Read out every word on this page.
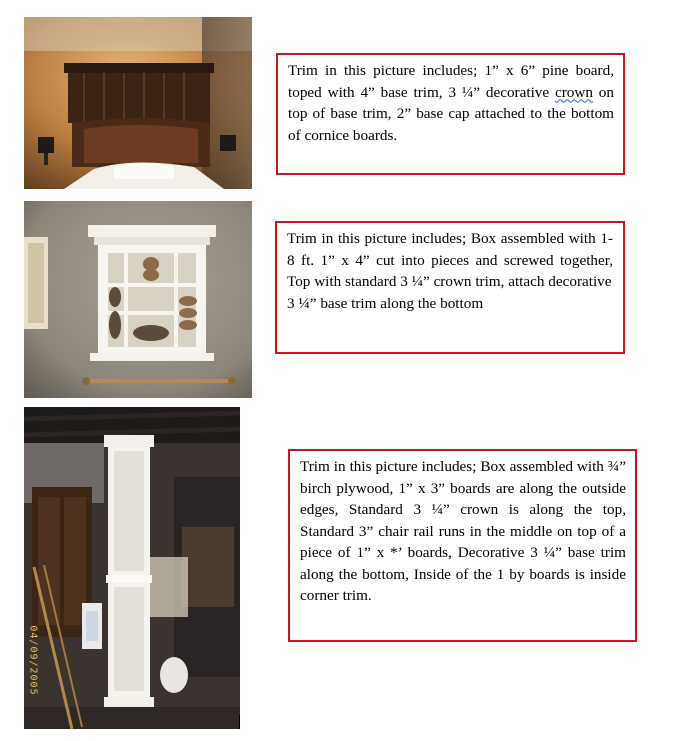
Trim in this picture includes; 1” x 6” pine board, toped with 4” base trim, 3 ¼” decorative crown on top of base trim, 2” base cap attached to the bottom of cornice boards.

Trim in this picture includes; Box assembled with 1-8 ft. 1” x 4” cut into pieces and screwed together, Top with standard 3 ¼” crown trim, attach decorative

3 ¼” base trim along the bottom

04/09/2005

Trim in this picture includes; Box assembled with ¾” birch plywood, 1” x 3” boards are along the outside edges, Standard 3 ¼” crown is along the top, Standard 3” chair rail runs in the middle on top of a piece of 1” x *’ boards, Decorative 3 ¼” base trim along the bottom, Inside of the 1 by boards is inside corner trim.
